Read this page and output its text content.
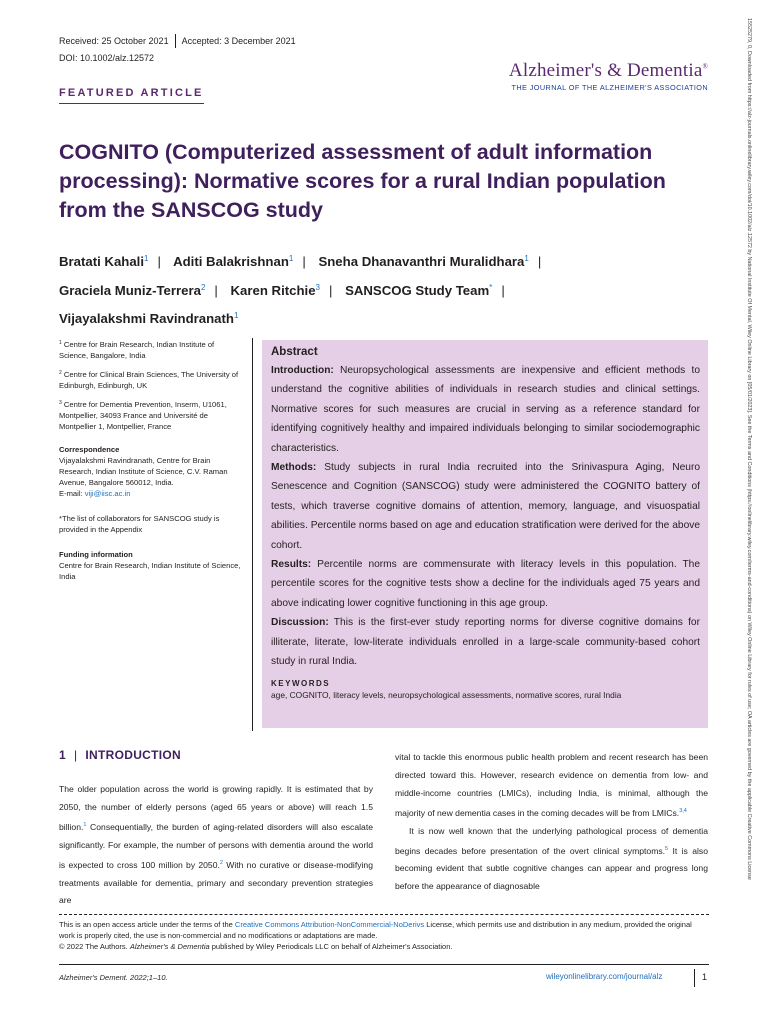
Received: 25 October 2021 Accepted: 3 December 2021
DOI: 10.1002/alz.12572
FEATURED ARTICLE
Alzheimer's & Dementia®
THE JOURNAL OF THE ALZHEIMER'S ASSOCIATION
COGNITO (Computerized assessment of adult information processing): Normative scores for a rural Indian population from the SANSCOG study
Bratati Kahali$^1$ | Aditi Balakrishnan$^1$ | Sneha Dhanavanthri Muralidhara$^1$ |
Graciela Muniz-Terrera$^2$ | Karen Ritchie$^3$ | SANSCOG Study Team* |
Vijayalakshmi Ravindranath$^1$
$^1$ Centre for Brain Research, Indian Institute of Science, Bangalore, India
$^2$ Centre for Clinical Brain Sciences, The University of Edinburgh, Edinburgh, UK
$^3$ Centre for Dementia Prevention, Inserm, U1061, Montpellier, 34093 France and Université de Montpellier 1, Montpellier, France
Correspondence
Vijayalakshmi Ravindranath, Centre for Brain Research, Indian Institute of Science, C.V. Raman Avenue, Bangalore 560012, India.
E-mail: viji@iisc.ac.in
*The list of collaborators for SANSCOG study is provided in the Appendix
Funding information
Centre for Brain Research, Indian Institute of Science, India
Abstract
Introduction: Neuropsychological assessments are inexpensive and efficient methods to understand the cognitive abilities of individuals in research studies and clinical settings. Normative scores for such measures are crucial in serving as a reference standard for identifying cognitively healthy and impaired individuals belonging to similar sociodemographic characteristics.
Methods: Study subjects in rural India recruited into the Srinivaspura Aging, Neuro Senescence and Cognition (SANSCOG) study were administered the COGNITO battery of tests, which traverse cognitive domains of attention, memory, language, and visuospatial abilities. Percentile norms based on age and education stratification were derived for the above cohort.
Results: Percentile norms are commensurate with literacy levels in this population. The percentile scores for the cognitive tests show a decline for the individuals aged 75 years and above indicating lower cognitive functioning in this age group.
Discussion: This is the first-ever study reporting norms for diverse cognitive domains for illiterate, literate, low-literate individuals enrolled in a large-scale community-based cohort study in rural India.
KEYWORDS
age, COGNITO, literacy levels, neuropsychological assessments, normative scores, rural India
1 | INTRODUCTION

The older population across the world is growing rapidly. It is estimated that by 2050, the number of elderly persons (aged 65 years or above) will reach 1.5 billion.$^1$ Consequentially, the burden of aging-related disorders will also escalate significantly. For example, the number of persons with dementia around the world is expected to cross 100 million by 2050.$^2$ With no curative or disease-modifying treatments available for dementia, primary and secondary prevention strategies are

vital to tackle this enormous public health problem and recent research has been directed toward this. However, research evidence on dementia from low- and middle-income countries (LMICs), including India, is minimal, although the majority of new dementia cases in the coming decades will be from LMICs.$^{3,4}$

It is now well known that the underlying pathological process of dementia begins decades before presentation of the overt clinical symptoms.$^5$ It is also becoming evident that subtle cognitive changes can appear and progress long before the appearance of diagnosable

This is an open access article under the terms of the Creative Commons Attribution-NonCommercial-NoDerivs License, which permits use and distribution in any medium, provided the original work is properly cited, the use is non-commercial and no modifications or adaptations are made.
© 2022 The Authors. Alzheimer's & Dementia published by Wiley Periodicals LLC on behalf of Alzheimer's Association.
Alzheimer's Dement. 2022;1–10.	wileyonlinelibrary.com/journal/alz	1
15525279, 0, Downloaded from https://alz-journals.onlinelibrary.wiley.com/doi/10.1002/alz.12572 by National Institute Of Mental, Wiley Online Library on [05/01/2023]. See the Terms and Conditions (https://onlinelibrary.wiley.com/terms-and-conditions) on Wiley Online Library for rules of use; OA articles are governed by the applicable Creative Commons License
